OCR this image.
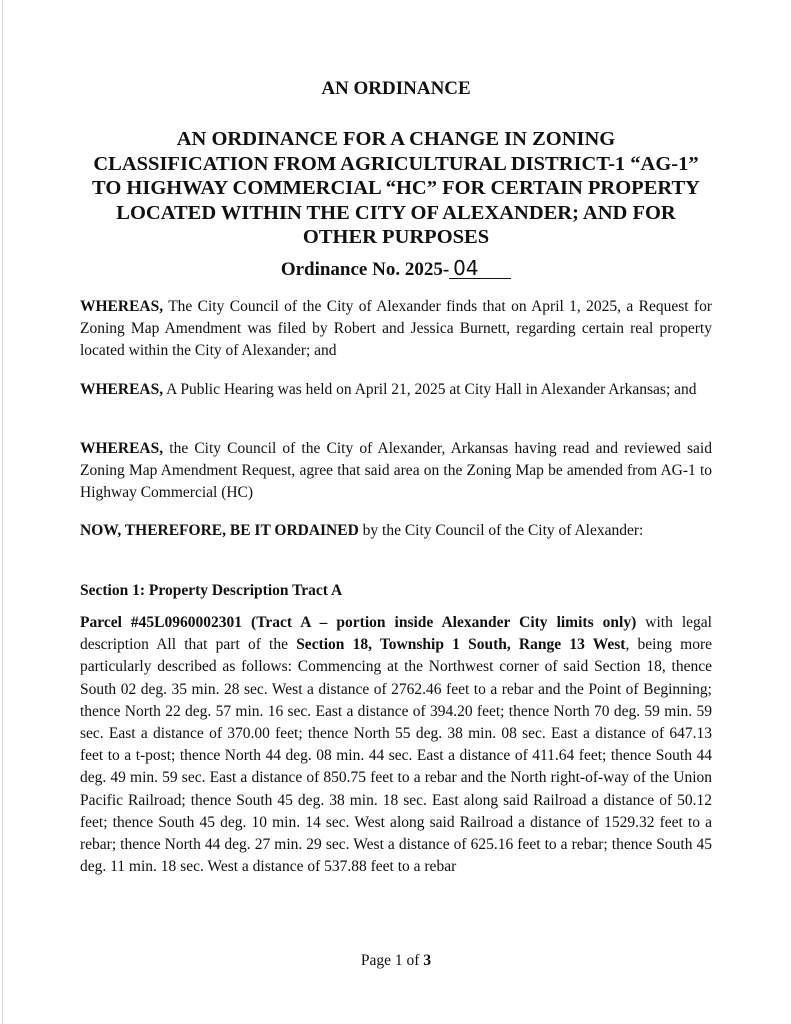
AN ORDINANCE
AN ORDINANCE FOR A CHANGE IN ZONING
CLASSIFICATION FROM AGRICULTURAL DISTRICT-1 “AG-1”
TO HIGHWAY COMMERCIAL “HC” FOR CERTAIN PROPERTY
LOCATED WITHIN THE CITY OF ALEXANDER; AND FOR
OTHER PURPOSES
Ordinance No. 2025- 04
WHEREAS, The City Council of the City of Alexander finds that on April 1, 2025, a Request for Zoning Map Amendment was filed by Robert and Jessica Burnett, regarding certain real property located within the City of Alexander; and
WHEREAS, A Public Hearing was held on April 21, 2025 at City Hall in Alexander Arkansas; and
WHEREAS, the City Council of the City of Alexander, Arkansas having read and reviewed said Zoning Map Amendment Request, agree that said area on the Zoning Map be amended from AG-1 to Highway Commercial (HC)
NOW, THEREFORE, BE IT ORDAINED by the City Council of the City of Alexander:
Section 1: Property Description Tract A
Parcel #45L0960002301 (Tract A – portion inside Alexander City limits only) with legal description All that part of the Section 18, Township 1 South, Range 13 West, being more particularly described as follows: Commencing at the Northwest corner of said Section 18, thence South 02 deg. 35 min. 28 sec. West a distance of 2762.46 feet to a rebar and the Point of Beginning; thence North 22 deg. 57 min. 16 sec. East a distance of 394.20 feet; thence North 70 deg. 59 min. 59 sec. East a distance of 370.00 feet; thence North 55 deg. 38 min. 08 sec. East a distance of 647.13 feet to a t-post; thence North 44 deg. 08 min. 44 sec. East a distance of 411.64 feet; thence South 44 deg. 49 min. 59 sec. East a distance of 850.75 feet to a rebar and the North right-of-way of the Union Pacific Railroad; thence South 45 deg. 38 min. 18 sec. East along said Railroad a distance of 50.12 feet; thence South 45 deg. 10 min. 14 sec. West along said Railroad a distance of 1529.32 feet to a rebar; thence North 44 deg. 27 min. 29 sec. West a distance of 625.16 feet to a rebar; thence South 45 deg. 11 min. 18 sec. West a distance of 537.88 feet to a rebar
Page 1 of 3
